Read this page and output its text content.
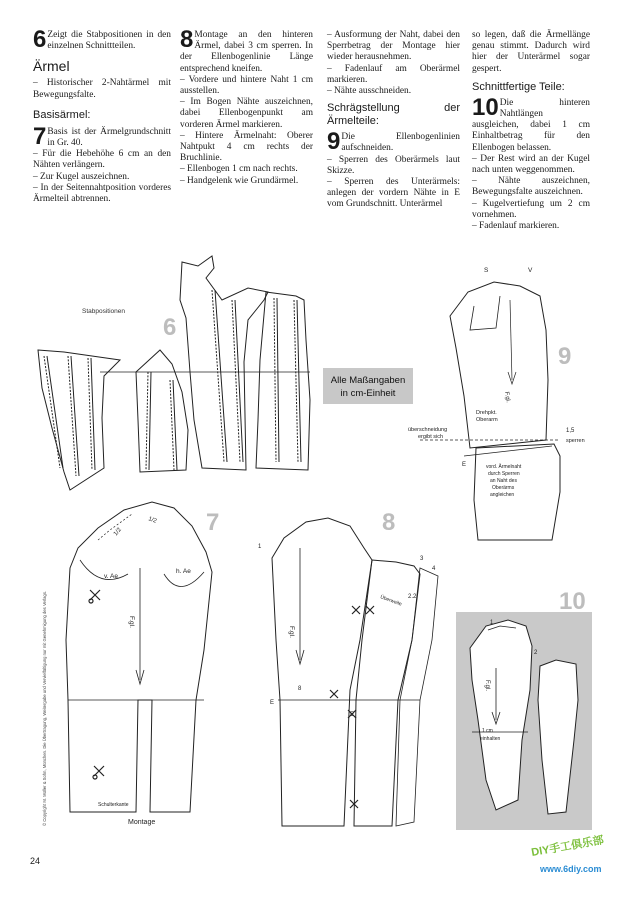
6 Zeigt die Stabpositionen in den einzelnen Schnittteilen.

Ärmel

– Historischer 2-Nahtärmel mit Bewegungsfalte.

Basisärmel:

7 Basis ist der Ärmelgrundschnitt in Gr. 40.

– Für die Hebehöhe 6 cm an den Nähten verlängern.

– Zur Kugel auszeichnen.

– In der Seitennahtposition vorderes Ärmelteil abtrennen.

8 Montage an den hinteren Ärmel, dabei 3 cm sperren. In der Ellenbogenlinie Länge entsprechend kneifen.

– Vordere und hintere Naht 1 cm ausstellen.

– Im Bogen Nähte auszeichnen, dabei Ellenbogenpunkt am vorderen Ärmel markieren.

– Hintere Ärmelnaht: Oberer Nahtpukt 4 cm rechts der Bruchlinie.

– Ellenbogen 1 cm nach rechts.

– Handgelenk wie Grundärmel.

– Ausformung der Naht, dabei den Sperrbetrag der Montage hier wieder herausnehmen.

– Fadenlauf am Oberärmel markieren.

– Nähte ausschneiden.

Schrägstellung der Ärmelteile:

9 Die Ellenbogenlinien aufschneiden.

– Sperren des Oberärmels laut Skizze.

– Sperren des Unterärmels: anlegen der vordern Nähte in E vom Grundschnitt. Unterärmel

so legen, daß die Ärmellänge genau stimmt. Dadurch wird hier der Unterärmel sogar gespert.

Schnittfertige Teile:

10 Die hinteren Nahtlängen ausgleichen, dabei 1 cm Einhaltbetrag für den Ellenbogen belassen.

– Der Rest wird an der Kugel nach unten weggenommen.

– Nähte auszeichnen, Bewegungsfalte auszeichnen.

– Kugelvertiefung um 2 cm vornehmen.

– Fadenlauf markieren.

6
Stabpositionen
Alle Maßangaben
in cm-Einheit
9
S	V
F.gl.
Drehpkt.
Oberarm
überschneidung
ergibt sich
1,5
sperren
E	vord. Ärmelnaht
durch Sperren
an Naht des
Oberärms
angleichen
7
v. Ae
h. Ae
F.gl.
1/2
1/2
Montage
Schulterkante
© Copyright M. Müller & Sohn, München. Die Übertragung, Weitergabe und Vervielfältigung nur mit Genehmigung des Verlags.
8
1
3
4
2.2
8
E
E
F.gl.
Überweite	10
1
2
1 cm
einhalten
F.gl.
DIY手工俱乐部
www.6diy.com
24
